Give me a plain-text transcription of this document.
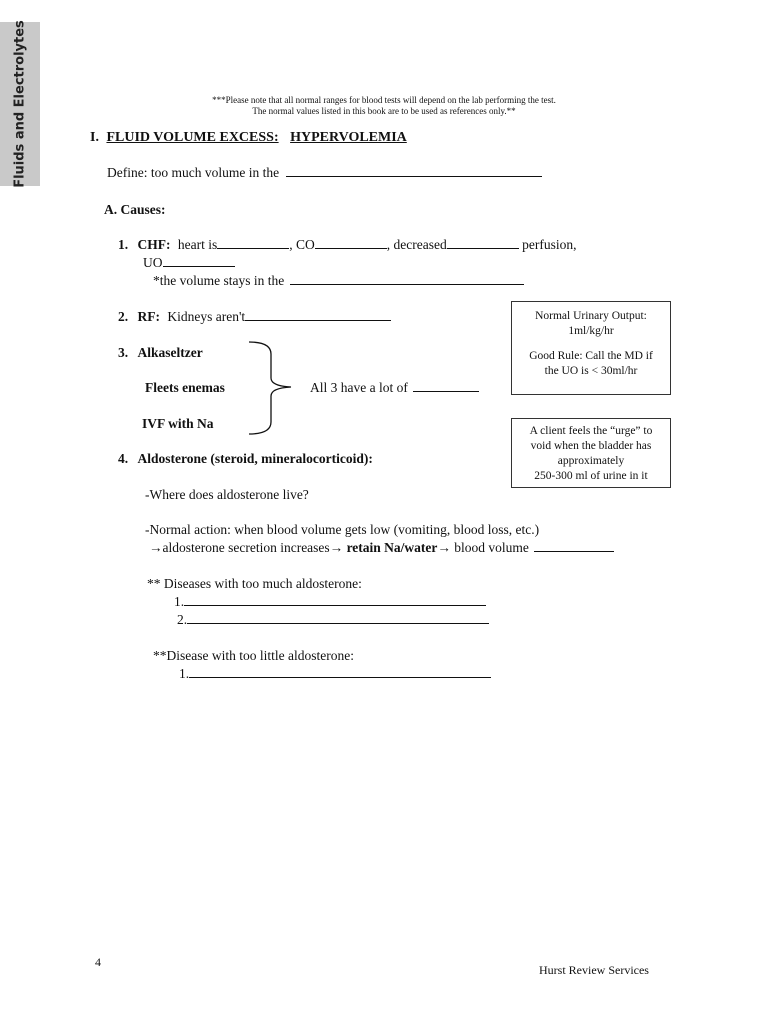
Fluids and Electrolytes	***Please note that all normal ranges for blood tests will depend on the lab performing the test.
The normal values listed in this book are to be used as references only.**
I. FLUID VOLUME EXCESS: HYPERVOLEMIA
Define: too much volume in the
A. Causes:
1. CHF: heart is	, CO	, decreased	perfusion,
UO
*the volume stays in the
2. RF: Kidneys aren't
3. Alkaseltzer
Fleets enemas
IVF with Na
All 3 have a lot of
4. Aldosterone (steroid, mineralocorticoid):
-Where does aldosterone live?
-Normal action: when blood volume gets low (vomiting, blood loss, etc.)
→aldosterone secretion increases→ retain Na/water→ blood volume
** Diseases with too much aldosterone:
1.
2.
**Disease with too little aldosterone:
1.
Normal Urinary Output:
1ml/kg/hr
Good Rule: Call the MD if
the UO is < 30ml/hr
A client feels the “urge” to
void when the bladder has
approximately
250-300 ml of urine in it
4
Hurst Review Services
